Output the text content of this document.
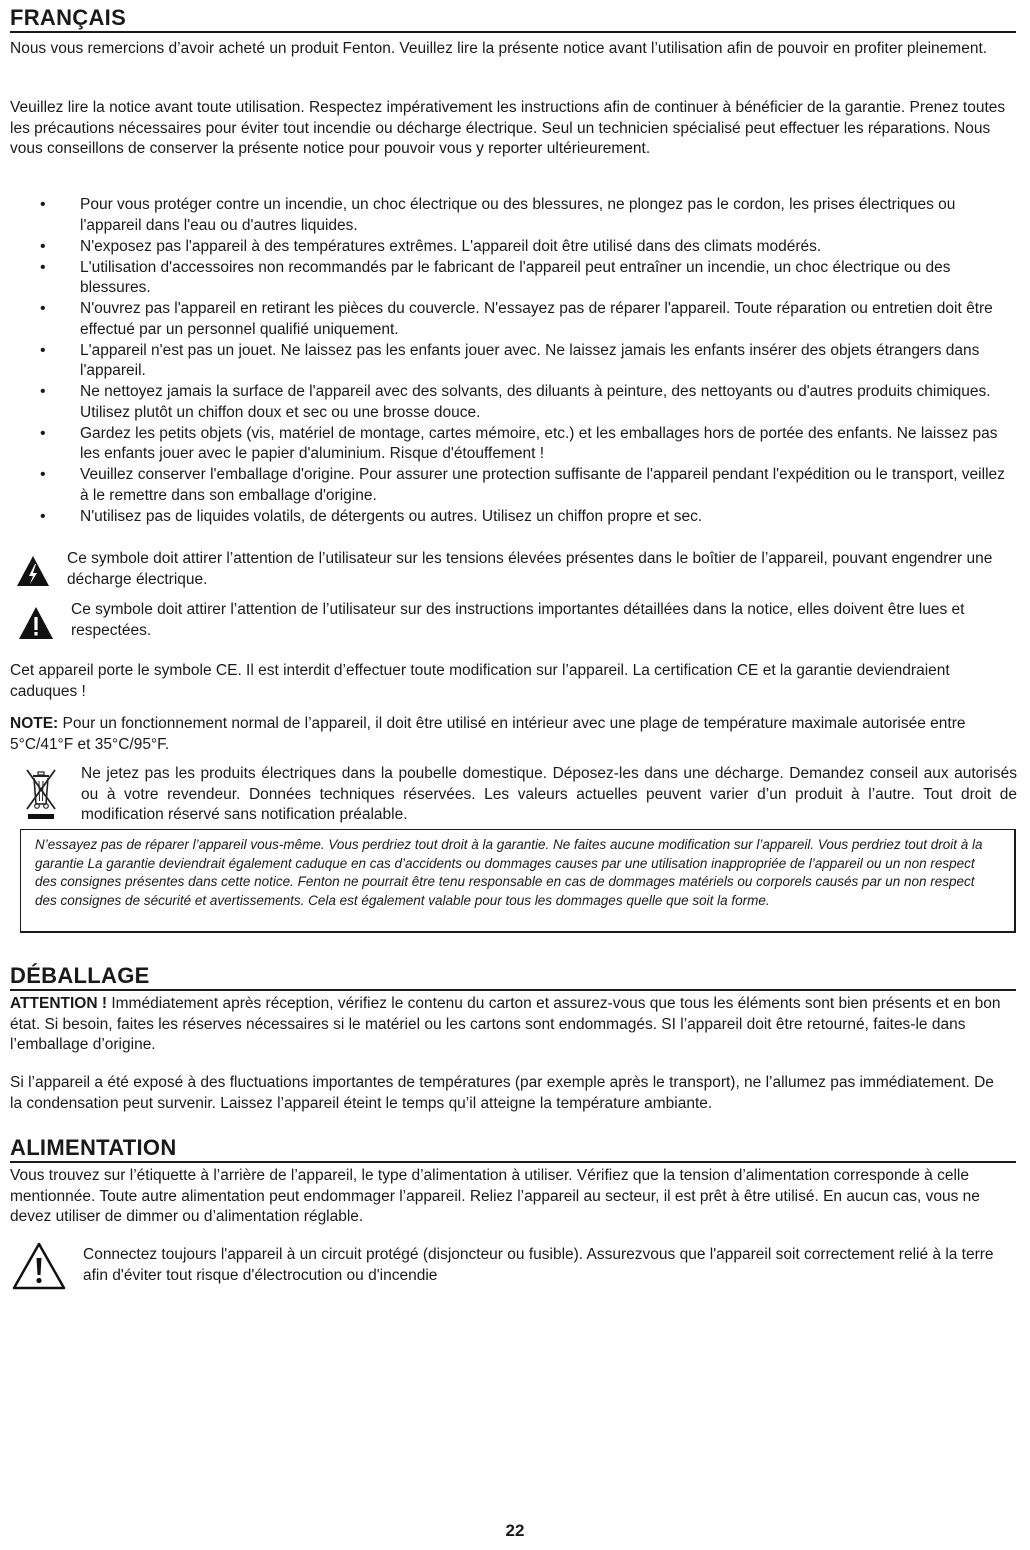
FRANÇAIS

Nous vous remercions d’avoir acheté un produit Fenton. Veuillez lire la présente notice avant l’utilisation afin de pouvoir en profiter pleinement.

Veuillez lire la notice avant toute utilisation. Respectez impérativement les instructions afin de continuer à bénéficier de la garantie. Prenez toutes les précautions nécessaires pour éviter tout incendie ou décharge électrique. Seul un technicien spécialisé peut effectuer les réparations. Nous vous conseillons de conserver la présente notice pour pouvoir vous y reporter ultérieurement.

• Pour vous protéger contre un incendie, un choc électrique ou des blessures, ne plongez pas le cordon, les prises électriques ou l'appareil dans l'eau ou d'autres liquides.
• N'exposez pas l'appareil à des températures extrêmes. L'appareil doit être utilisé dans des climats modérés.
• L'utilisation d'accessoires non recommandés par le fabricant de l'appareil peut entraîner un incendie, un choc électrique ou des blessures.
• N'ouvrez pas l'appareil en retirant les pièces du couvercle. N'essayez pas de réparer l'appareil. Toute réparation ou entretien doit être effectué par un personnel qualifié uniquement.
• L'appareil n'est pas un jouet. Ne laissez pas les enfants jouer avec. Ne laissez jamais les enfants insérer des objets étrangers dans l'appareil.
• Ne nettoyez jamais la surface de l'appareil avec des solvants, des diluants à peinture, des nettoyants ou d'autres produits chimiques. Utilisez plutôt un chiffon doux et sec ou une brosse douce.
• Gardez les petits objets (vis, matériel de montage, cartes mémoire, etc.) et les emballages hors de portée des enfants. Ne laissez pas les enfants jouer avec le papier d'aluminium. Risque d'étouffement !
• Veuillez conserver l'emballage d'origine. Pour assurer une protection suffisante de l'appareil pendant l'expédition ou le transport, veillez à le remettre dans son emballage d'origine.
• N'utilisez pas de liquides volatils, de détergents ou autres. Utilisez un chiffon propre et sec.

Ce symbole doit attirer l’attention de l’utilisateur sur les tensions élevées présentes dans le boîtier de l’appareil, pouvant engendrer une décharge électrique.

Ce symbole doit attirer l’attention de l’utilisateur sur des instructions importantes détaillées dans la notice, elles doivent être lues et respectées.

Cet appareil porte le symbole CE. Il est interdit d’effectuer toute modification sur l’appareil. La certification CE et la garantie deviendraient caduques !

NOTE: Pour un fonctionnement normal de l’appareil, il doit être utilisé en intérieur avec une plage de température maximale autorisée entre 5°C/41°F et 35°C/95°F.

Ne jetez pas les produits électriques dans la poubelle domestique. Déposez-les dans une décharge. Demandez conseil aux autorisés ou à votre revendeur. Données techniques réservées. Les valeurs actuelles peuvent varier d’un produit à l’autre. Tout droit de modification réservé sans notification préalable.

N’essayez pas de réparer l’appareil vous-même. Vous perdriez tout droit à la garantie. Ne faites aucune modification sur l’appareil. Vous perdriez tout droit à la garantie La garantie deviendrait également caduque en cas d’accidents ou dommages causes par une utilisation inappropriée de l’appareil ou un non respect des consignes présentes dans cette notice. Fenton ne pourrait être tenu responsable en cas de dommages matériels ou corporels causés par un non respect des consignes de sécurité et avertissements. Cela est également valable pour tous les dommages quelle que soit la forme.
DÉBALLAGE

ATTENTION ! Immédiatement après réception, vérifiez le contenu du carton et assurez-vous que tous les éléments sont bien présents et en bon état. Si besoin, faites les réserves nécessaires si le matériel ou les cartons sont endommagés. SI l’appareil doit être retourné, faites-le dans l’emballage d’origine.

Si l’appareil a été exposé à des fluctuations importantes de températures (par exemple après le transport), ne l’allumez pas immédiatement. De la condensation peut survenir. Laissez l’appareil éteint le temps qu’il atteigne la température ambiante.

ALIMENTATION

Vous trouvez sur l’étiquette à l’arrière de l’appareil, le type d’alimentation à utiliser. Vérifiez que la tension d’alimentation corresponde à celle mentionnée. Toute autre alimentation peut endommager l’appareil. Reliez l’appareil au secteur, il est prêt à être utilisé. En aucun cas, vous ne devez utiliser de dimmer ou d’alimentation réglable.

Connectez toujours l'appareil à un circuit protégé (disjoncteur ou fusible). Assurezvous que l'appareil soit correctement relié à la terre afin d'éviter tout risque d'électrocution ou d'incendie

22
